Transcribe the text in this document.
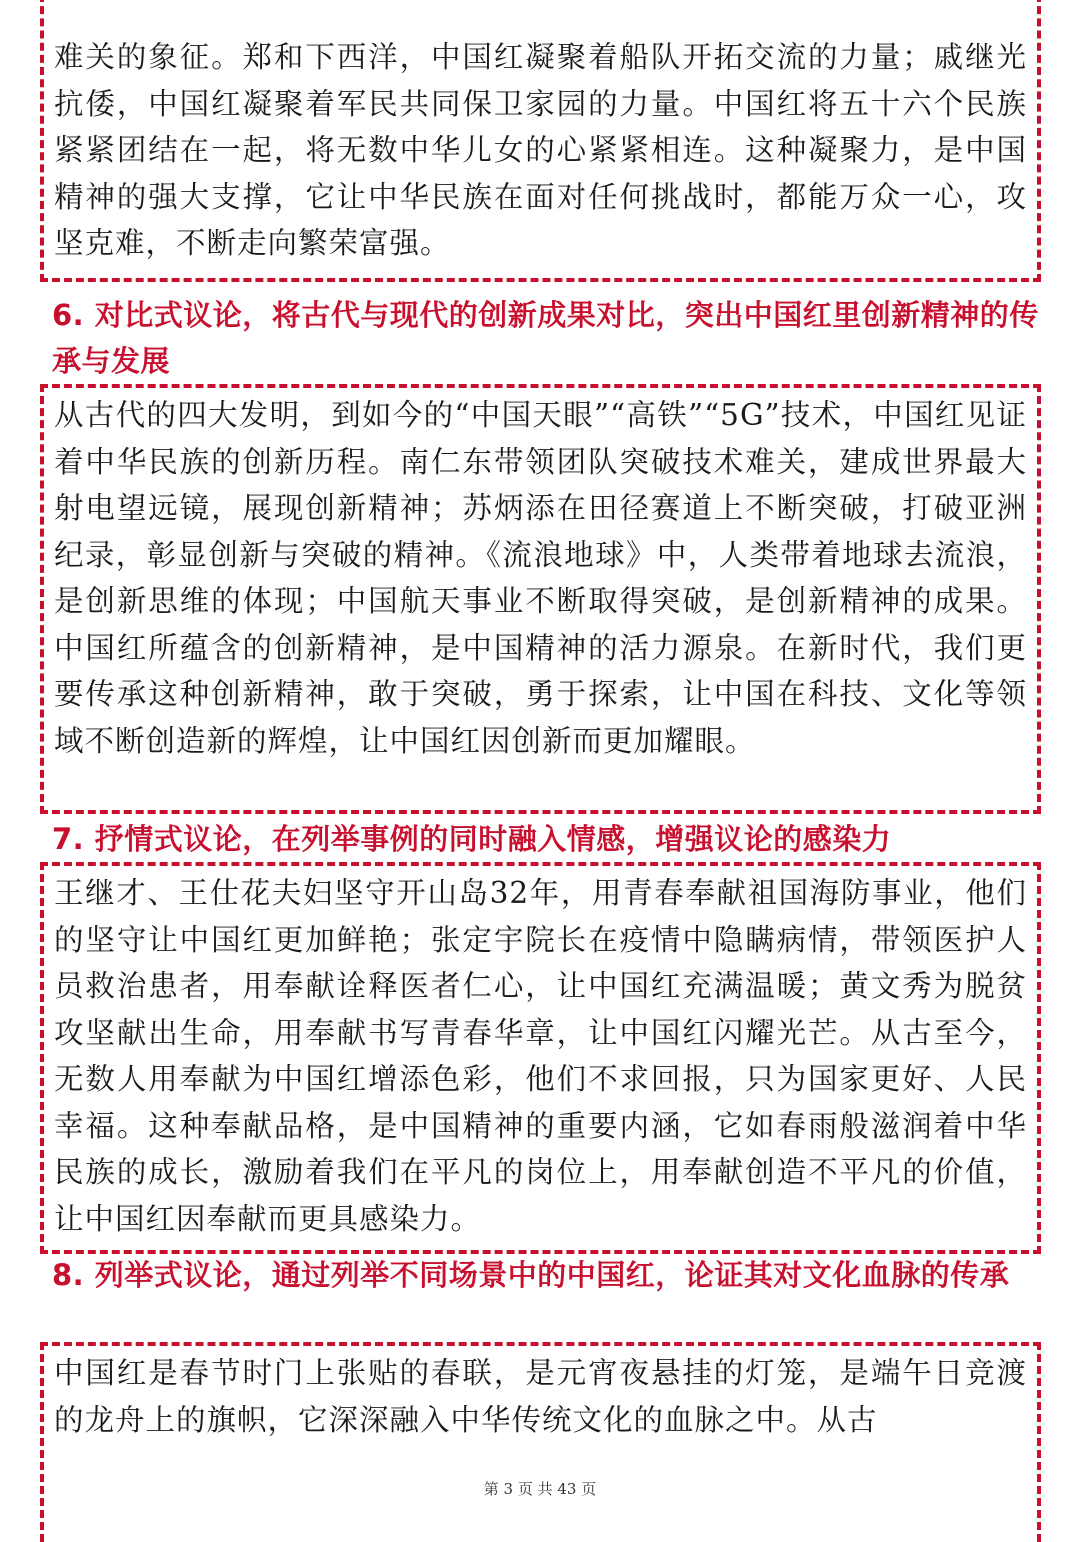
难关的象征。郑和下西洋，中国红凝聚着船队开拓交流的力量；戚继光抗倭，中国红凝聚着军民共同保卫家园的力量。中国红将五十六个民族紧紧团结在一起，将无数中华儿女的心紧紧相连。这种凝聚力，是中国精神的强大支撑，它让中华民族在面对任何挑战时，都能万众一心，攻坚克难，不断走向繁荣富强。
6. 对比式议论，将古代与现代的创新成果对比，突出中国红里创新精神的传承与发展
从古代的四大发明，到如今的“中国天眼”“高铁”“5G”技术，中国红见证着中华民族的创新历程。南仁东带领团队突破技术难关，建成世界最大射电望远镜，展现创新精神；苏炳添在田径赛道上不断突破，打破亚洲纪录，彰显创新与突破的精神。《流浪地球》中，人类带着地球去流浪，是创新思维的体现；中国航天事业不断取得突破，是创新精神的成果。中国红所蕴含的创新精神，是中国精神的活力源泉。在新时代，我们更要传承这种创新精神，敢于突破，勇于探索，让中国在科技、文化等领域不断创造新的辉煌，让中国红因创新而更加耀眼。
7. 抒情式议论，在列举事例的同时融入情感，增强议论的感染力
王继才、王仕花夫妇坚守开山岛32年，用青春奉献祖国海防事业，他们的坚守让中国红更加鲜艳；张定宇院长在疫情中隐瞒病情，带领医护人员救治患者，用奉献诠释医者仁心，让中国红充满温暖；黄文秀为脱贫攻坚献出生命，用奉献书写青春华章，让中国红闪耀光芒。从古至今，无数人用奉献为中国红增添色彩，他们不求回报，只为国家更好、人民幸福。这种奉献品格，是中国精神的重要内涵，它如春雨般滋润着中华民族的成长，激励着我们在平凡的岗位上，用奉献创造不平凡的价值，让中国红因奉献而更具感染力。
8. 列举式议论，通过列举不同场景中的中国红，论证其对文化血脉的传承
中国红是春节时门上张贴的春联，是元宵夜悬挂的灯笼，是端午日竞渡的龙舟上的旗帜，它深深融入中华传统文化的血脉之中。从古
第 3 页 共 43 页
